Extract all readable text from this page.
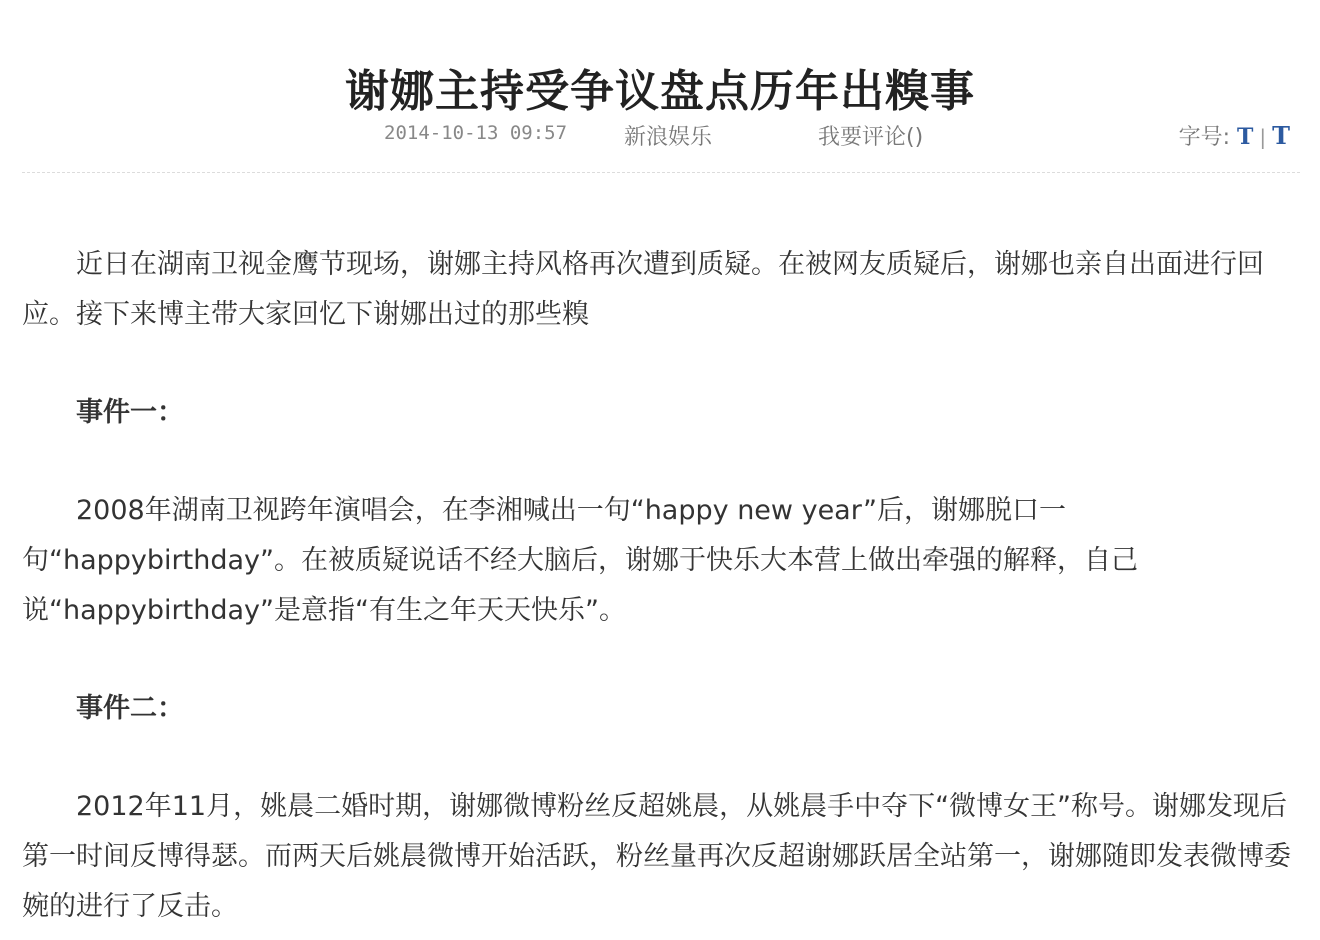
谢娜主持受争议盘点历年出糗事
2014-10-13 09:57	新浪娱乐	我要评论()	字号: T | T

近日在湖南卫视金鹰节现场，谢娜主持风格再次遭到质疑。在被网友质疑后，谢娜也亲自出面进行回应。接下来博主带大家回忆下谢娜出过的那些糗

事件一：

2008年湖南卫视跨年演唱会，在李湘喊出一句“happy new year”后，谢娜脱口一句“happybirthday”。在被质疑说话不经大脑后，谢娜于快乐大本营上做出牵强的解释，自己说“happybirthday”是意指“有生之年天天快乐”。

事件二：

2012年11月，姚晨二婚时期，谢娜微博粉丝反超姚晨，从姚晨手中夺下“微博女王”称号。谢娜发现后第一时间反博得瑟。而两天后姚晨微博开始活跃，粉丝量再次反超谢娜跃居全站第一，谢娜随即发表微博委婉的进行了反击。
